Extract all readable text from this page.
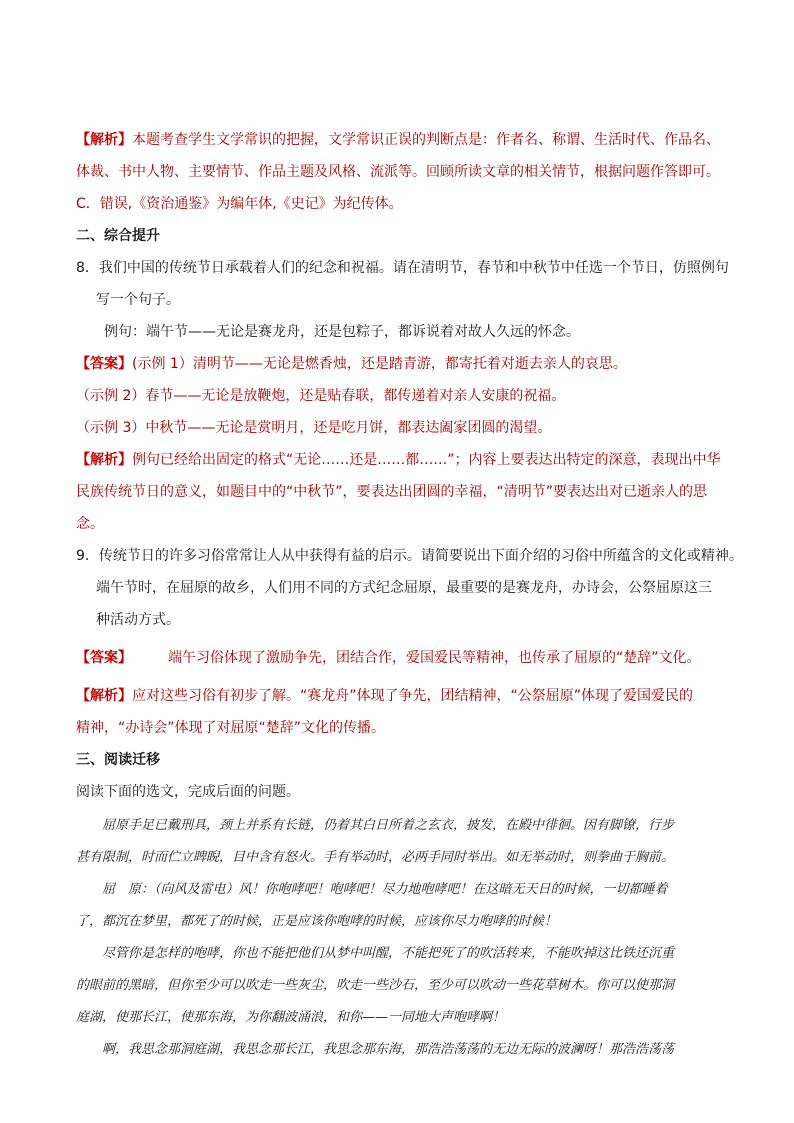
【解析】本题考查学生文学常识的把握，文学常识正误的判断点是：作者名、称谓、生活时代、作品名、

体裁、书中人物、主要情节、作品主题及风格、流派等。回顾所读文章的相关情节，根据问题作答即可。

C．错误,《资治通鉴》为编年体,《史记》为纪传体。

二、综合提升

8．我们中国的传统节日承载着人们的纪念和祝福。请在清明节，春节和中秋节中任选一个节日，仿照例句

写一个句子。

例句：端午节——无论是赛龙舟，还是包粽子，都诉说着对故人久远的怀念。

【答案】(示例 1）清明节——无论是燃香烛，还是踏青游，都寄托着对逝去亲人的哀思。

（示例 2）春节——无论是放鞭炮，还是贴春联，都传递着对亲人安康的祝福。

（示例 3）中秋节——无论是赏明月，还是吃月饼，都表达阖家团圆的渴望。

【解析】例句已经给出固定的格式“无论……还是……都……”；内容上要表达出特定的深意，表现出中华

民族传统节日的意义，如题目中的“中秋节”，要表达出团圆的幸福，“清明节”要表达出对已逝亲人的思

念。

9．传统节日的许多习俗常常让人从中获得有益的启示。请简要说出下面介绍的习俗中所蕴含的文化或精神。

端午节时，在屈原的故乡，人们用不同的方式纪念屈原，最重要的是赛龙舟，办诗会，公祭屈原这三

种活动方式。

【答案】	端午习俗体现了激励争先，团结合作，爱国爱民等精神，也传承了屈原的“楚辞”文化。

【解析】应对这些习俗有初步了解。“赛龙舟”体现了争先，团结精神，“公祭屈原”体现了爱国爱民的

精神，“办诗会”体现了对屈原“楚辞”文化的传播。

三、阅读迁移

阅读下面的选文，完成后面的问题。

屈原手足已戴刑具，颈上并系有长链，仍着其白日所着之玄衣，披发，在殿中徘徊。因有脚镣，行步

甚有限制，时而伫立睥睨，目中含有怒火。手有举动时，必两手同时举出。如无举动时，则拳曲于胸前。

屈　原：（向风及雷电）风！你咆哮吧！咆哮吧！尽力地咆哮吧！在这暗无天日的时候，一切都睡着

了，都沉在梦里，都死了的时候，正是应该你咆哮的时候，应该你尽力咆哮的时候！

尽管你是怎样的咆哮，你也不能把他们从梦中叫醒，不能把死了的吹活转来，不能吹掉这比铁还沉重

的眼前的黑暗，但你至少可以吹走一些灰尘，吹走一些沙石，至少可以吹动一些花草树木。你可以使那洞

庭湖，使那长江，使那东海，为你翻波涌浪，和你——一同地大声咆哮啊！

啊，我思念那洞庭湖，我思念那长江，我思念那东海，那浩浩荡荡的无边无际的波澜呀！那浩浩荡荡
